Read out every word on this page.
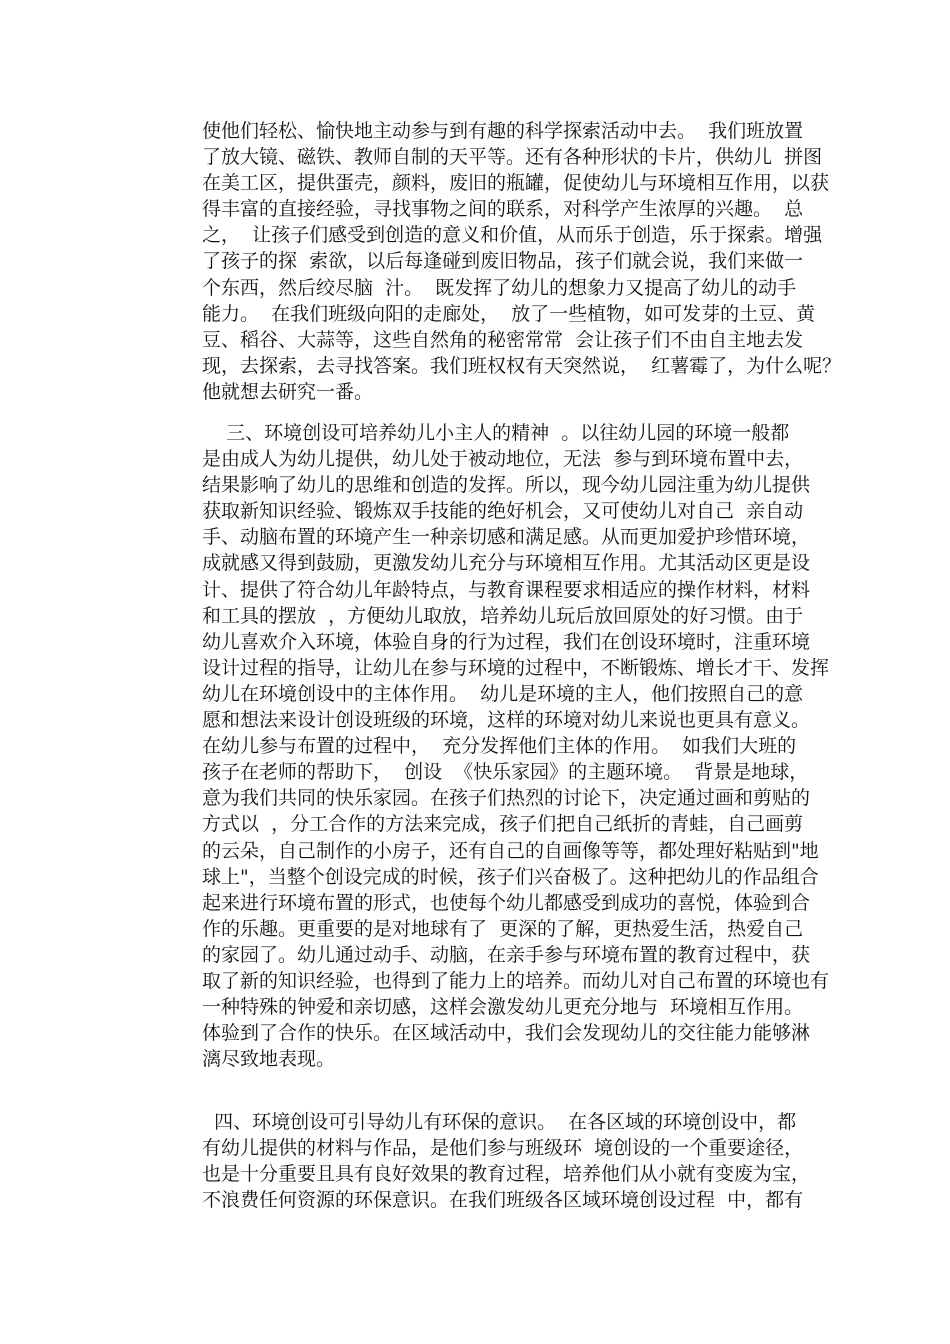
使他们轻松、愉快地主动参与到有趣的科学探索活动中去。  我们班放置
了放大镜、磁铁、教师自制的天平等。还有各种形状的卡片，供幼儿  拼图
在美工区，提供蛋壳，颜料，废旧的瓶罐，促使幼儿与环境相互作用，以获
得丰富的直接经验，寻找事物之间的联系，对科学产生浓厚的兴趣。  总
之，  让孩子们感受到创造的意义和价值，从而乐于创造，乐于探索。增强
了孩子的探  索欲，以后每逢碰到废旧物品，孩子们就会说，我们来做一
个东西，然后绞尽脑  汁。  既发挥了幼儿的想象力又提高了幼儿的动手
能力。  在我们班级向阳的走廊处，  放了一些植物，如可发芽的土豆、黄
豆、稻谷、大蒜等，这些自然角的秘密常常  会让孩子们不由自主地去发
现，去探索，去寻找答案。我们班权权有天突然说，  红薯霉了，为什么呢？
他就想去研究一番。
三、环境创设可培养幼儿小主人的精神  。以往幼儿园的环境一般都
是由成人为幼儿提供，幼儿处于被动地位，无法  参与到环境布置中去，
结果影响了幼儿的思维和创造的发挥。所以，现今幼儿园注重为幼儿提供
获取新知识经验、锻炼双手技能的绝好机会，又可使幼儿对自己  亲自动
手、动脑布置的环境产生一种亲切感和满足感。从而更加爱护珍惜环境，
成就感又得到鼓励，更激发幼儿充分与环境相互作用。尤其活动区更是设
计、提供了符合幼儿年龄特点，与教育课程要求相适应的操作材料，材料
和工具的摆放  ，方便幼儿取放，培养幼儿玩后放回原处的好习惯。由于
幼儿喜欢介入环境，体验自身的行为过程，我们在创设环境时，注重环境
设计过程的指导，让幼儿在参与环境的过程中，不断锻炼、增长才干、发挥
幼儿在环境创设中的主体作用。  幼儿是环境的主人，他们按照自己的意
愿和想法来设计创设班级的环境，这样的环境对幼儿来说也更具有意义。
在幼儿参与布置的过程中，  充分发挥他们主体的作用。  如我们大班的
孩子在老师的帮助下，  创设  《快乐家园》的主题环境。  背景是地球，
意为我们共同的快乐家园。在孩子们热烈的讨论下，决定通过画和剪贴的
方式以  ，分工合作的方法来完成，孩子们把自己纸折的青蛙，自己画剪
的云朵，自己制作的小房子，还有自己的自画像等等，都处理好粘贴到"地
球上"，当整个创设完成的时候，孩子们兴奋极了。这种把幼儿的作品组合
起来进行环境布置的形式，也使每个幼儿都感受到成功的喜悦，体验到合
作的乐趣。更重要的是对地球有了  更深的了解，更热爱生活，热爱自己
的家园了。幼儿通过动手、动脑，在亲手参与环境布置的教育过程中，获
取了新的知识经验，也得到了能力上的培养。而幼儿对自己布置的环境也有
一种特殊的钟爱和亲切感，这样会激发幼儿更充分地与  环境相互作用。
体验到了合作的快乐。在区域活动中，我们会发现幼儿的交往能力能够淋
漓尽致地表现。
四、环境创设可引导幼儿有环保的意识。  在各区域的环境创设中，都
有幼儿提供的材料与作品，是他们参与班级环  境创设的一个重要途径，
也是十分重要且具有良好效果的教育过程，培养他们从小就有变废为宝，
不浪费任何资源的环保意识。在我们班级各区域环境创设过程  中，都有
